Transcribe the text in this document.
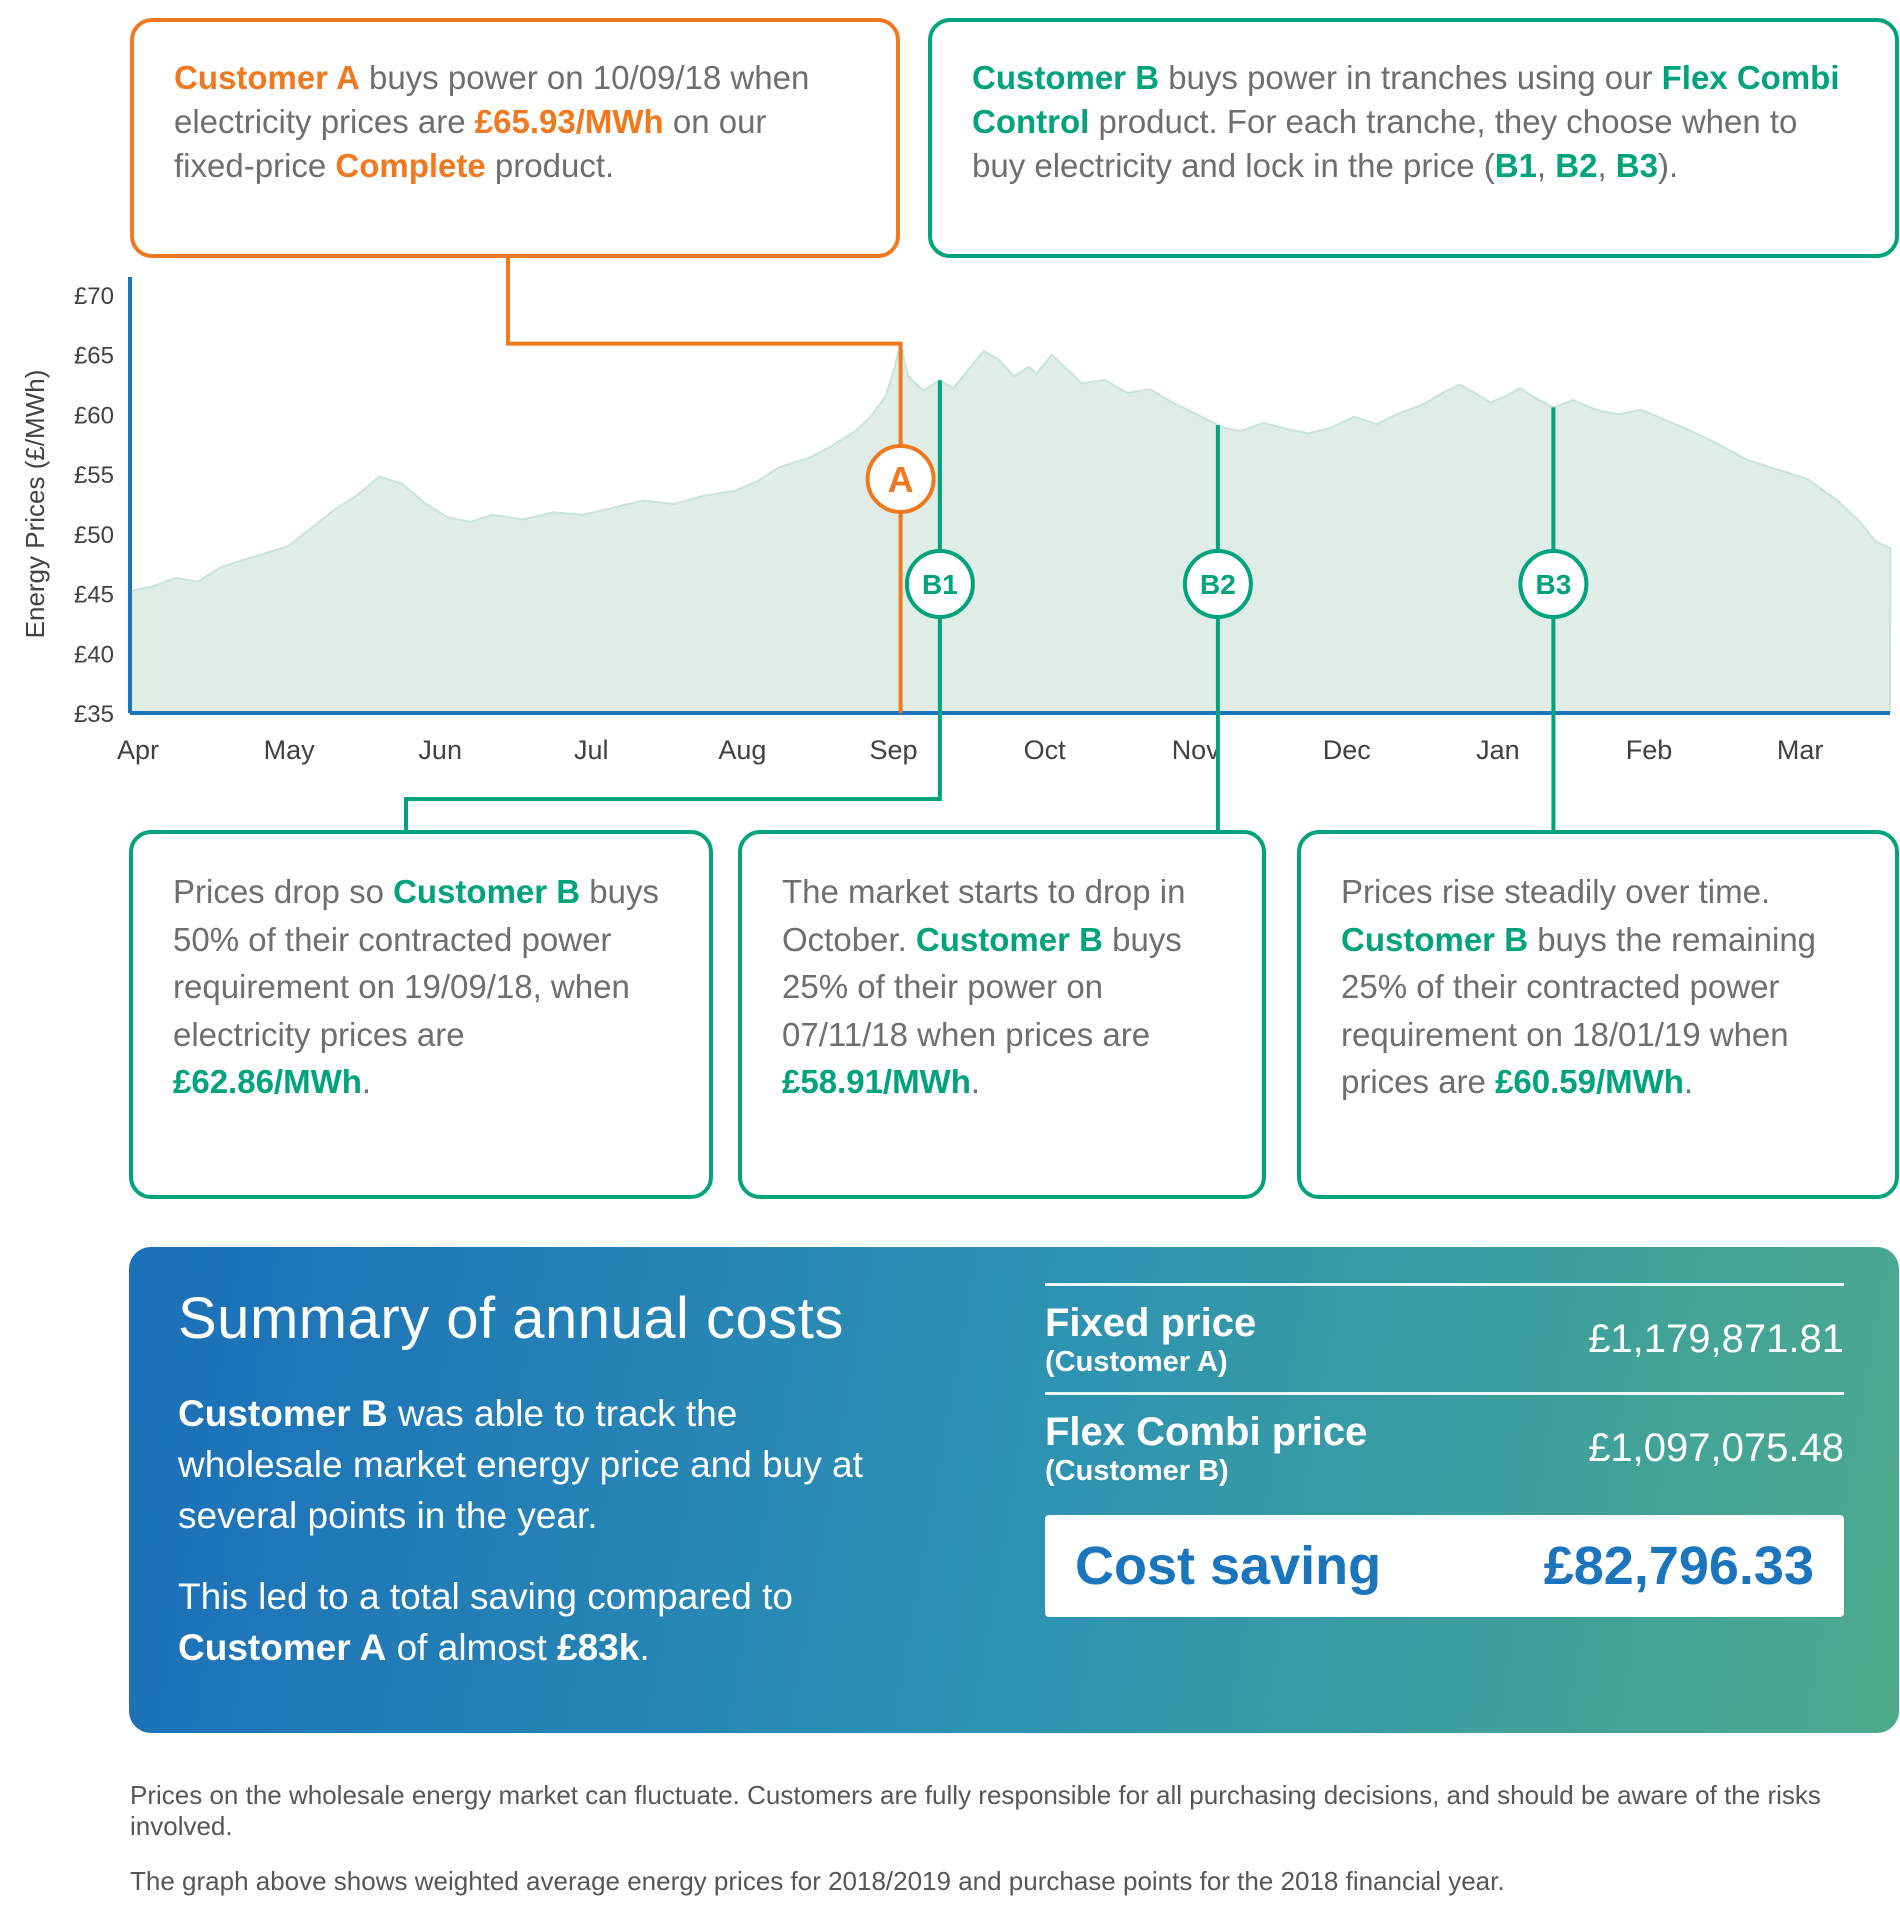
Customer A buys power on 10/09/18 when electricity prices are £65.93/MWh on our fixed-price Complete product.
Customer B buys power in tranches using our Flex Combi Control product. For each tranche, they choose when to buy electricity and lock in the price (B1, B2, B3).
£35
£40
£45
£50
£55
£60
£65
£70
Apr	May	Jun	Jul	Aug	Sep	Oct	Nov	Dec	Jan	Feb	Mar
Energy Prices (£/MWh)	A
B1	B2	B3
Prices drop so Customer B buys 50% of their contracted power requirement on 19/09/18, when electricity prices are £62.86/MWh.
The market starts to drop in October. Customer B buys 25% of their power on 07/11/18 when prices are £58.91/MWh.
Prices rise steadily over time. Customer B buys the remaining 25% of their contracted power requirement on 18/01/19 when prices are £60.59/MWh.
Summary of annual costs

Customer B was able to track the wholesale market energy price and buy at several points in the year.

This led to a total saving compared to Customer A of almost £83k.

Fixed price
(Customer A)
£1,179,871.81
Flex Combi price
(Customer B)
£1,097,075.48
Cost saving	£82,796.33

Prices on the wholesale energy market can fluctuate. Customers are fully responsible for all purchasing decisions, and should be aware of the risks involved.

The graph above shows weighted average energy prices for 2018/2019 and purchase points for the 2018 financial year.
